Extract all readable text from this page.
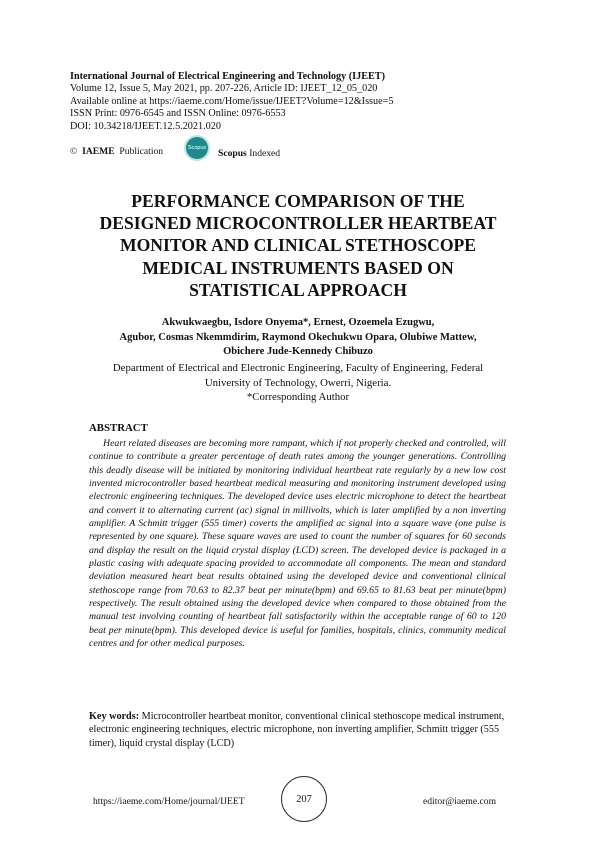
International Journal of Electrical Engineering and Technology (IJEET)
Volume 12, Issue 5, May 2021, pp. 207-226, Article ID: IJEET_12_05_020
Available online at https://iaeme.com/Home/issue/IJEET?Volume=12&Issue=5
ISSN Print: 0976-6545 and ISSN Online: 0976-6553
DOI: 10.34218/IJEET.12.5.2021.020
©
IAEME
Publication	Scopus Scopus Indexed
PERFORMANCE COMPARISON OF THE
DESIGNED MICROCONTROLLER HEARTBEAT
MONITOR AND CLINICAL STETHOSCOPE
MEDICAL INSTRUMENTS BASED ON
STATISTICAL APPROACH
Akwukwaegbu, Isdore Onyema*, Ernest, Ozoemela Ezugwu,
Agubor, Cosmas Nkemmdirim, Raymond Okechukwu Opara, Olubiwe Mattew,
Obichere Jude-Kennedy Chibuzo
Department of Electrical and Electronic Engineering, Faculty of Engineering, Federal
University of Technology, Owerri, Nigeria.
*Corresponding Author
ABSTRACT

Heart related diseases are becoming more rampant, which if not properly checked and controlled, will continue to contribute a greater percentage of death rates among the younger generations. Controlling this deadly disease will be initiated by monitoring individual heartbeat rate regularly by a new low cost invented microcontroller based heartbeat medical measuring and monitoring instrument developed using electronic engineering techniques. The developed device uses electric microphone to detect the heartbeat and convert it to alternating current (ac) signal in millivolts, which is later amplified by a non inverting amplifier. A Schmitt trigger (555 timer) coverts the amplified ac signal into a square wave (one pulse is represented by one square). These square waves are used to count the number of squares for 60 seconds and display the result on the liquid crystal display (LCD) screen. The developed device is packaged in a plastic casing with adequate spacing provided to accommodate all components. The mean and standard deviation measured heart beat results obtained using the developed device and conventional clinical stethoscope range from 70.63 to 82.37 beat per minute(bpm) and 69.65 to 81.63 beat per minute(bpm) respectively. The result obtained using the developed device when compared to those obtained from the manual test involving counting of heartbeat fall satisfactorily within the acceptable range of 60 to 120 beat per minute(bpm). This developed device is useful for families, hospitals, clinics, community medical centres and for other medical purposes.

Key words: Microcontroller heartbeat monitor, conventional clinical stethoscope medical instrument, electronic engineering techniques, electric microphone, non inverting amplifier, Schmitt trigger (555 timer), liquid crystal display (LCD)

https://iaeme.com/Home/journal/IJEET	207	editor@iaeme.com
